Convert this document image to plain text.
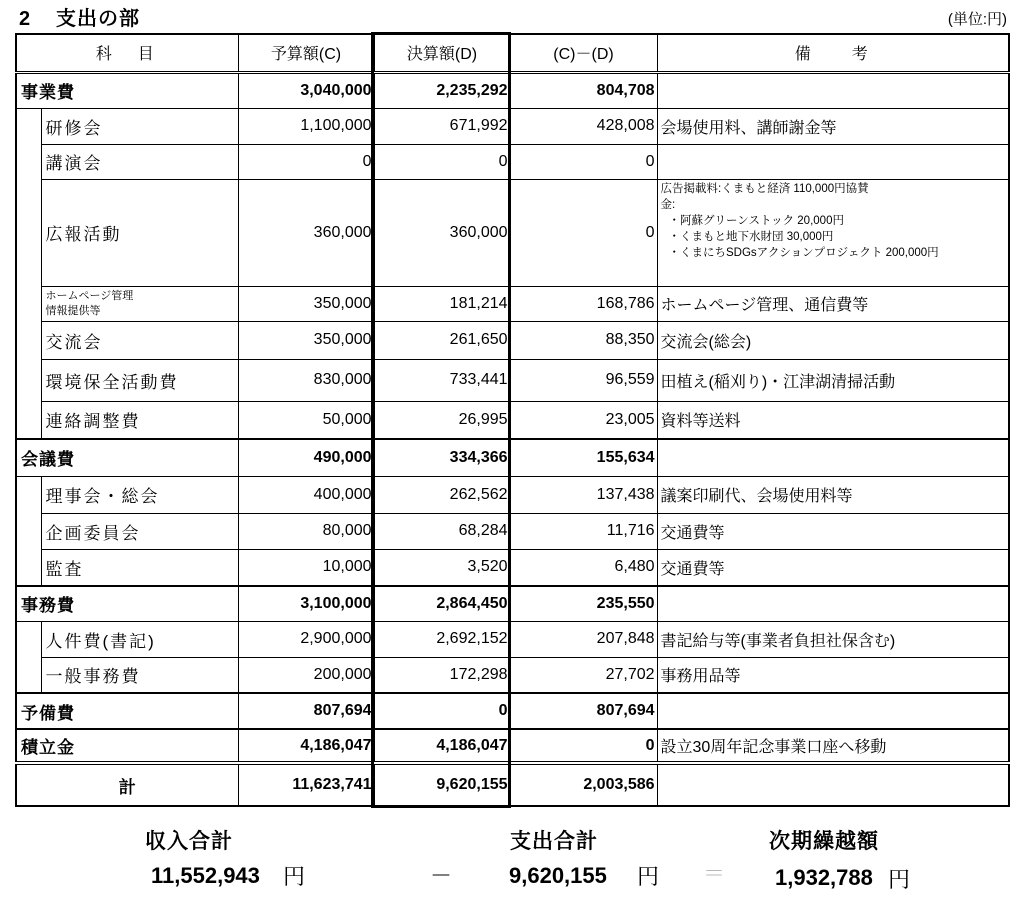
2 支出の部	(単位:円)
科　目		予算額(C)	決算額(D)	(C)－(D)	備　　考
事業費		3,040,000	2,235,292	804,708	
	研修会	1,100,000	671,992	428,008	会場使用料、講師謝金等
	講演会	0	0	0	
	広報活動	360,000	360,000	0	広告掲載料:くまもと経済 110,000円協賛
金:
・阿蘇グリーンストック 20,000円
・くまもと地下水財団 30,000円
・くまにちSDGsアクションプロジェクト 200,000円

	ホームページ管理
情報提供等	350,000	181,214	168,786	ホームページ管理、通信費等
	交流会	350,000	261,650	88,350	交流会(総会)
	環境保全活動費	830,000	733,441	96,559	田植え(稲刈り)・江津湖清掃活動
	連絡調整費	50,000	26,995	23,005	資料等送料
会議費		490,000	334,366	155,634	
	理事会・総会	400,000	262,562	137,438	議案印刷代、会場使用料等
	企画委員会	80,000	68,284	11,716	交通費等
	監査	10,000	3,520	6,480	交通費等
事務費		3,100,000	2,864,450	235,550	
	人件費(書記)	2,900,000	2,692,152	207,848	書記給与等(事業者負担社保含む)
	一般事務費	200,000	172,298	27,702	事務用品等
予備費		807,694	0	807,694	
積立金		4,186,047	4,186,047	0	設立30周年記念事業口座へ移動
計		11,623,741	9,620,155	2,003,586	
収入合計
11,552,943 円	－
支出合計
9,620,155 円 ＝
次期繰越額
1,932,788 円
